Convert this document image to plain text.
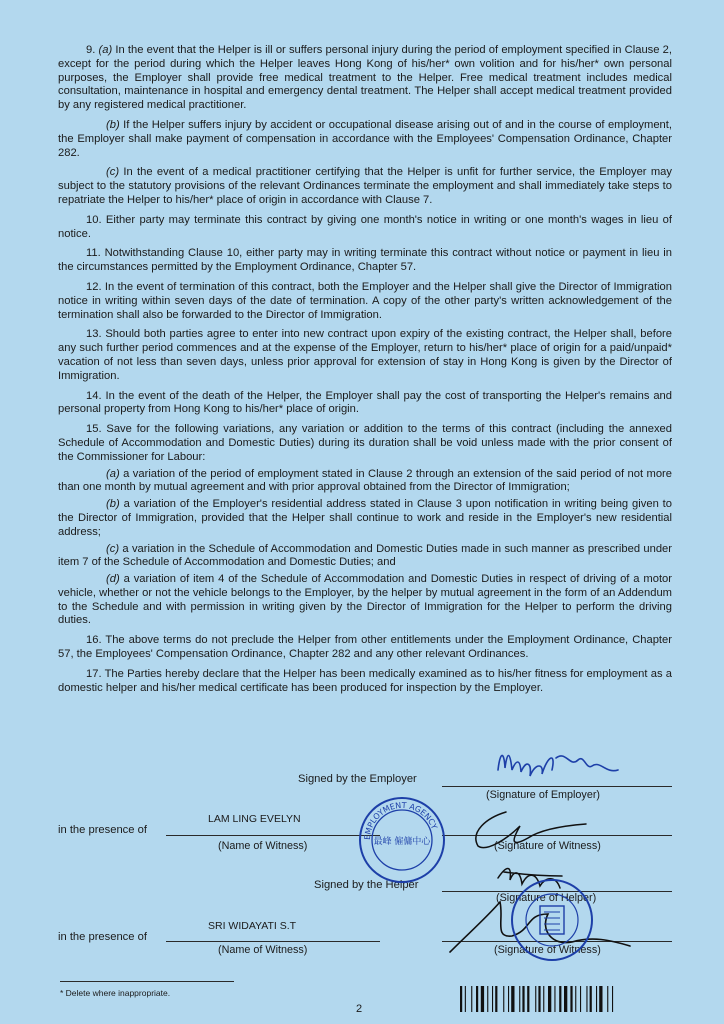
9. (a) In the event that the Helper is ill or suffers personal injury during the period of employment specified in Clause 2, except for the period during which the Helper leaves Hong Kong of his/her* own volition and for his/her* own personal purposes, the Employer shall provide free medical treatment to the Helper. Free medical treatment includes medical consultation, maintenance in hospital and emergency dental treatment. The Helper shall accept medical treatment provided by any registered medical practitioner.

(b) If the Helper suffers injury by accident or occupational disease arising out of and in the course of employment, the Employer shall make payment of compensation in accordance with the Employees' Compensation Ordinance, Chapter 282.

(c) In the event of a medical practitioner certifying that the Helper is unfit for further service, the Employer may subject to the statutory provisions of the relevant Ordinances terminate the employment and shall immediately take steps to repatriate the Helper to his/her* place of origin in accordance with Clause 7.

10. Either party may terminate this contract by giving one month's notice in writing or one month's wages in lieu of notice.

11. Notwithstanding Clause 10, either party may in writing terminate this contract without notice or payment in lieu in the circumstances permitted by the Employment Ordinance, Chapter 57.

12. In the event of termination of this contract, both the Employer and the Helper shall give the Director of Immigration notice in writing within seven days of the date of termination. A copy of the other party's written acknowledgement of the termination shall also be forwarded to the Director of Immigration.

13. Should both parties agree to enter into new contract upon expiry of the existing contract, the Helper shall, before any such further period commences and at the expense of the Employer, return to his/her* place of origin for a paid/unpaid* vacation of not less than seven days, unless prior approval for extension of stay in Hong Kong is given by the Director of Immigration.

14. In the event of the death of the Helper, the Employer shall pay the cost of transporting the Helper's remains and personal property from Hong Kong to his/her* place of origin.

15. Save for the following variations, any variation or addition to the terms of this contract (including the annexed Schedule of Accommodation and Domestic Duties) during its duration shall be void unless made with the prior consent of the Commissioner for Labour:

(a) a variation of the period of employment stated in Clause 2 through an extension of the said period of not more than one month by mutual agreement and with prior approval obtained from the Director of Immigration;

(b) a variation of the Employer's residential address stated in Clause 3 upon notification in writing being given to the Director of Immigration, provided that the Helper shall continue to work and reside in the Employer's new residential address;

(c) a variation in the Schedule of Accommodation and Domestic Duties made in such manner as prescribed under item 7 of the Schedule of Accommodation and Domestic Duties; and

(d) a variation of item 4 of the Schedule of Accommodation and Domestic Duties in respect of driving of a motor vehicle, whether or not the vehicle belongs to the Employer, by the helper by mutual agreement in the form of an Addendum to the Schedule and with permission in writing given by the Director of Immigration for the Helper to perform the driving duties.

16. The above terms do not preclude the Helper from other entitlements under the Employment Ordinance, Chapter 57, the Employees' Compensation Ordinance, Chapter 282 and any other relevant Ordinances.

17. The Parties hereby declare that the Helper has been medically examined as to his/her fitness for employment as a domestic helper and his/her medical certificate has been produced for inspection by the Employer.

Signed by the Employer
(Signature of Employer)
in the presence of
LAM LING EVELYN
(Name of Witness)	(Signature of Witness)
Signed by the Helper
(Signature of Helper)
in the presence of
SRI WIDAYATI S.T
(Name of Witness)	(Signature of Witness)
EMPLOYMENT AGENCY
最峰 僱傭中心
* Delete where inappropriate.
2
